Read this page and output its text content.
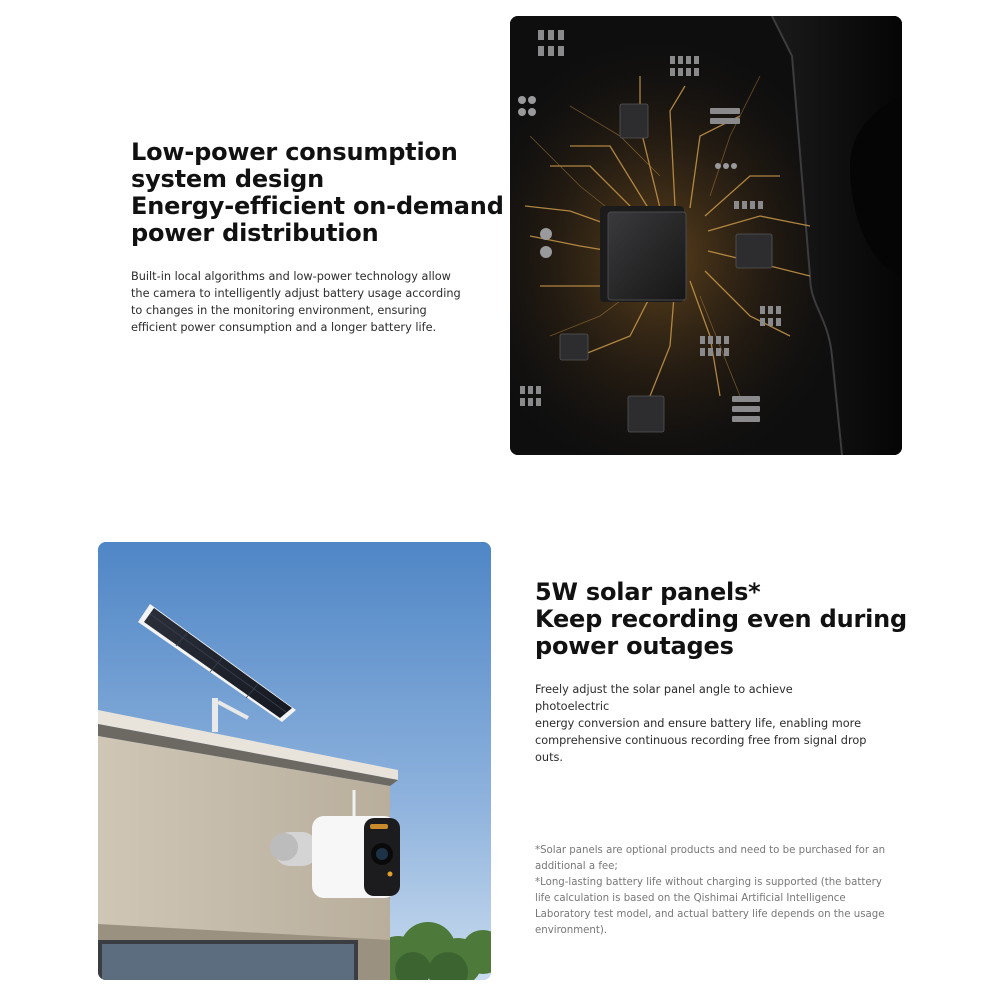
Low-power consumption
system design
Energy-efficient on-demand
power distribution

Built-in local algorithms and low-power technology allow
the camera to intelligently adjust battery usage according
to changes in the monitoring environment, ensuring
efficient power consumption and a longer battery life.

5W solar panels*
Keep recording even during
power outages

Freely adjust the solar panel angle to achieve photoelectric
energy conversion and ensure battery life, enabling more
comprehensive continuous recording free from signal drop
outs.

*Solar panels are optional products and need to be purchased for an
additional a fee;
*Long-lasting battery life without charging is supported (the battery
life calculation is based on the Qishimai Artificial Intelligence
Laboratory test model, and actual battery life depends on the usage
environment).
